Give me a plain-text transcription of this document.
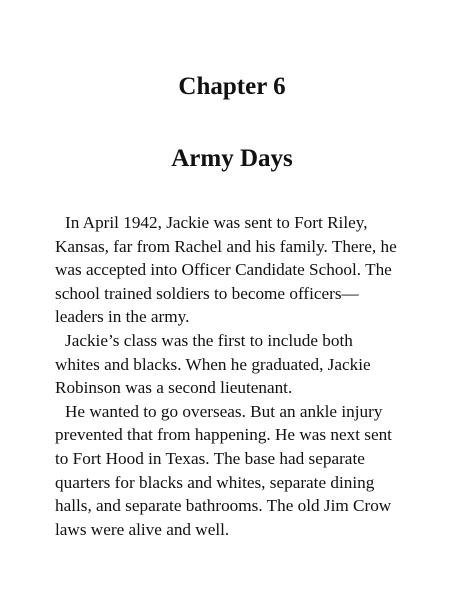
Chapter 6
Army Days
In April 1942, Jackie was sent to Fort Riley,
Kansas, far from Rachel and his family. There, he
was accepted into Officer Candidate School. The
school trained soldiers to become officers—
leaders in the army.
Jackie’s class was the first to include both
whites and blacks. When he graduated, Jackie
Robinson was a second lieutenant.
He wanted to go overseas. But an ankle injury
prevented that from happening. He was next sent
to Fort Hood in Texas. The base had separate
quarters for blacks and whites, separate dining
halls, and separate bathrooms. The old Jim Crow
laws were alive and well.
